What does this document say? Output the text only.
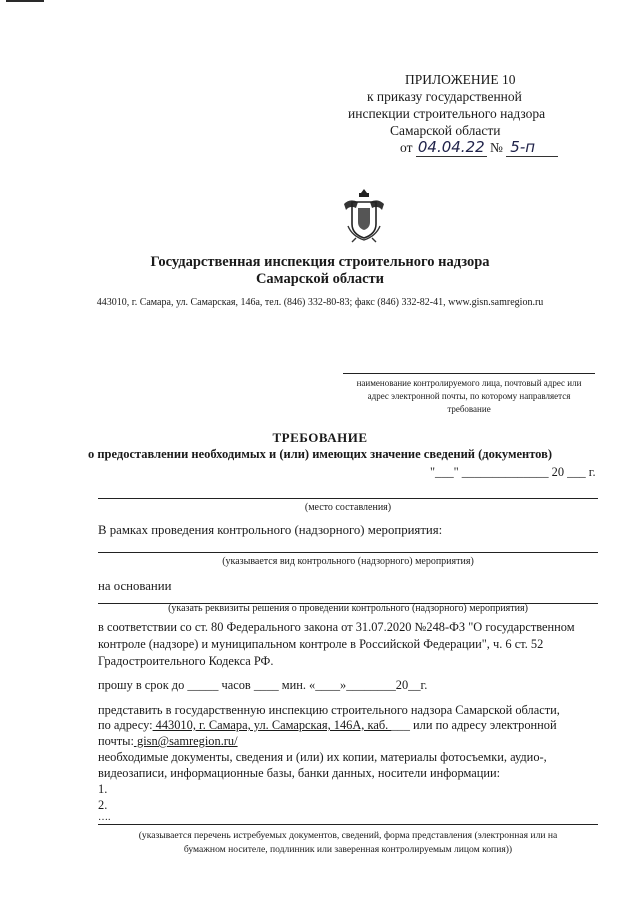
ПРИЛОЖЕНИЕ 10
к приказу государственной
инспекции строительного надзора
Самарской области
от 04.04.22 № 5-п
Государственная инспекция строительного надзора
Самарской области
443010, г. Самара, ул. Самарская, 146а, тел. (846) 332-80-83; факс (846) 332-82-41, www.gisn.samregion.ru
наименование контролируемого лица, почтовый адрес или
адрес электронной почты, по которому направляется
требование
ТРЕБОВАНИЕ
о предоставлении необходимых и (или) имеющих значение сведений (документов)
"___" ______________ 20 ___ г.
(место составления)
В рамках проведения контрольного (надзорного) мероприятия:
(указывается вид контрольного (надзорного) мероприятия)
на основании
(указать реквизиты решения о проведении контрольного (надзорного) мероприятия)
в соответствии со ст. 80 Федерального закона от 31.07.2020 №248-ФЗ "О государственном
контроле (надзоре) и муниципальном контроле в Российской Федерации", ч. 6 ст. 52
Градостроительного Кодекса РФ.
прошу в срок до _____ часов ____ мин. «____»________20__г.
представить в государственную инспекцию строительного надзора Самарской области,
по адресу: 443010, г. Самара, ул. Самарская, 146А, каб. ___ или по адресу электронной
почты: gisn@samregion.ru/
необходимые документы, сведения и (или) их копии, материалы фотосъемки, аудио-,
видеозаписи, информационные базы, банки данных, носители информации:
1.
2.
….
(указывается перечень истребуемых документов, сведений, форма представления (электронная или на
бумажном носителе, подлинник или заверенная контролируемым лицом копия))
